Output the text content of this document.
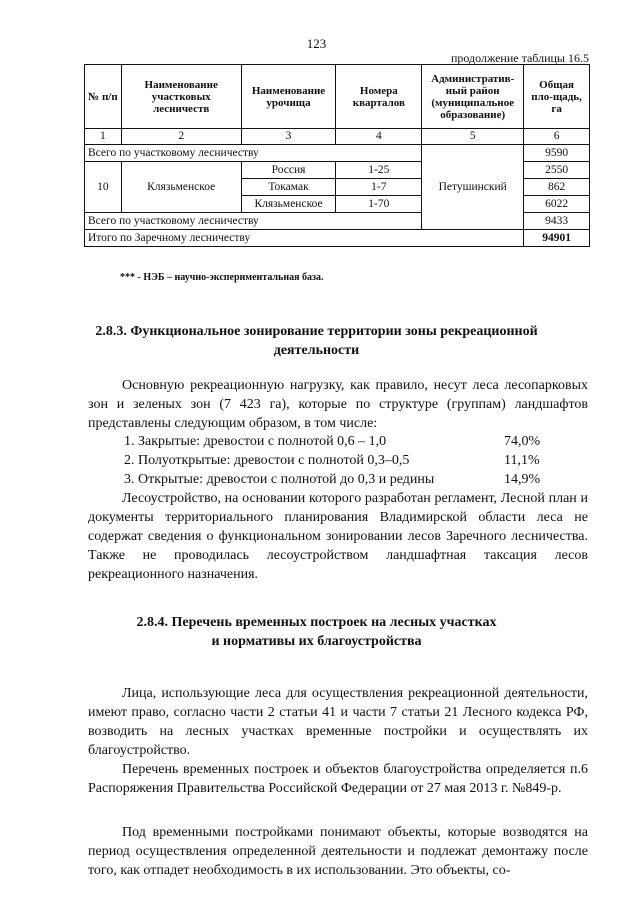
123
продолжение таблицы 16.5
№ п/п	Наименование участковых лесничеств	Наименование урочища	Номера кварталов	Административ-ный район (муниципальное образование)	Общая пло-щадь, га
1	2	3	4	5	6
Всего по участковому лесничеству				Петушинский	9590
10	Клязьменское	Россия	1-25		2550
		Токамак	1-7		862
		Клязьменское	1-70		6022
Всего по участковому лесничеству					9433
Итого по Заречному лесничеству					94901
*** - НЭБ – научно-экспериментальная база.
2.8.3. Функциональное зонирование территории зоны рекреационной
деятельности

Основную рекреационную нагрузку, как правило, несут леса лесопарковых зон и зеленых зон (7 423 га), которые по структуре (группам) ландшафтов представлены следующим образом, в том числе:

1. Закрытые: древостои с полнотой 0,6 – 1,0	74,0%
2. Полуоткрытые: древостои с полнотой 0,3–0,5	11,1%
3. Открытые: древостои с полнотой до 0,3 и редины	14,9%

Лесоустройство, на основании которого разработан регламент, Лесной план и документы территориального планирования Владимирской области леса не содержат сведения о функциональном зонировании лесов Заречного лесничества. Также не проводилась лесоустройством ландшафтная таксация лесов рекреационного назначения.

2.8.4. Перечень временных построек на лесных участках
и нормативы их благоустройства

Лица, использующие леса для осуществления рекреационной деятельности, имеют право, согласно части 2 статьи 41 и части 7 статьи 21 Лесного кодекса РФ, возводить на лесных участках временные постройки и осуществлять их благоустройство.

Перечень временных построек и объектов благоустройства определяется п.6 Распоряжения Правительства Российской Федерации от 27 мая 2013 г. №849-р.

Под временными постройками понимают объекты, которые возводятся на период осуществления определенной деятельности и подлежат демонтажу после того, как отпадет необходимость в их использовании. Это объекты, со-
